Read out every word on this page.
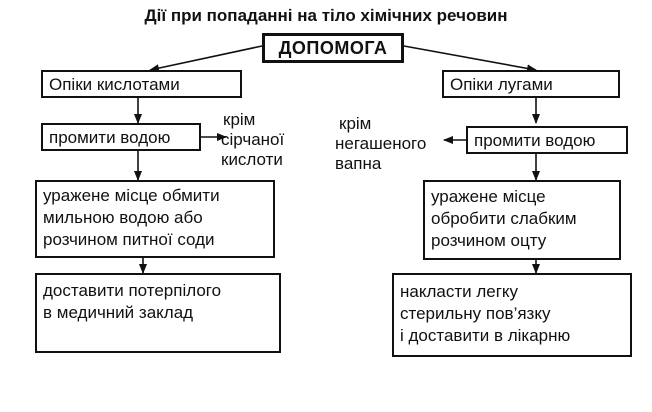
Дії при попаданні на тіло хімічних речовин
ДОПОМОГА
Опіки кислотами
промити водою
крім
сірчаної
кислоти
уражене місце обмити
мильною водою або
розчином питної соди
доставити потерпілого
в медичний заклад
Опіки лугами
промити водою
крім
негашеного
вапна
уражене місце
обробити слабким
розчином оцту
накласти легку
стерильну пов’язку
і доставити в лікарню
